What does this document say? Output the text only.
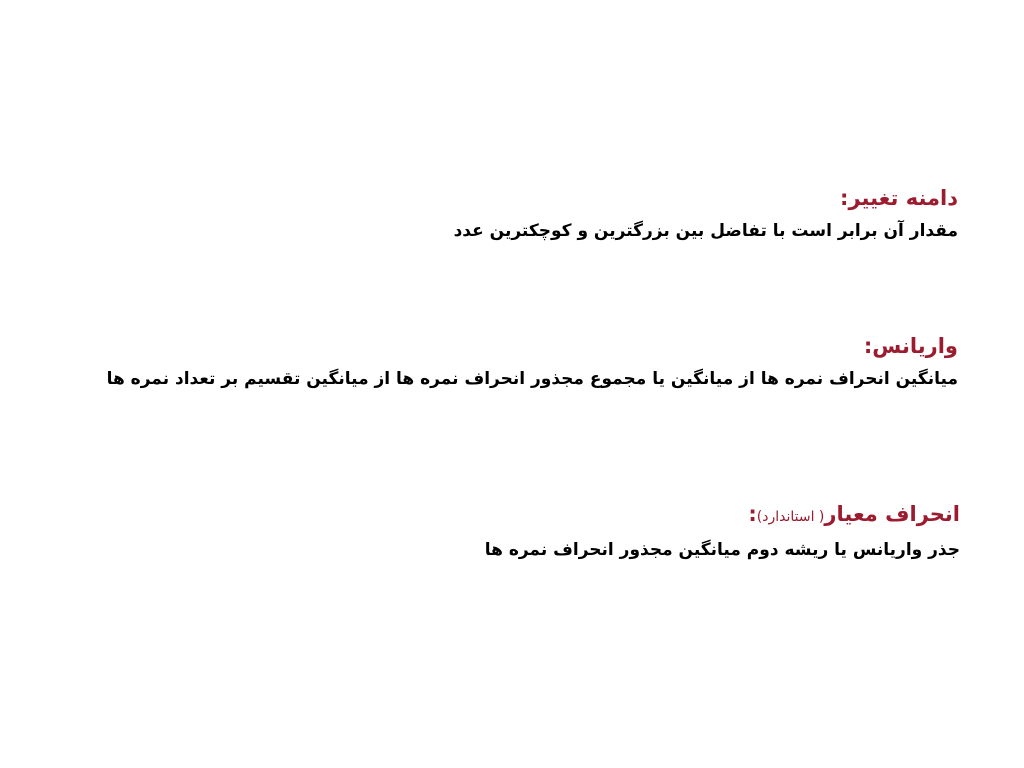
دامنه تغییر:
مقدار آن برابر است با تفاضل بین بزرگترین و کوچکترین عدد
واریانس:
میانگین انحراف نمره ها از میانگین یا مجموع مجذور انحراف نمره ها از میانگین تقسیم بر تعداد نمره ها
انحراف معیار( استاندارد):
جذر واریانس یا ریشه دوم میانگین مجذور انحراف نمره ها
